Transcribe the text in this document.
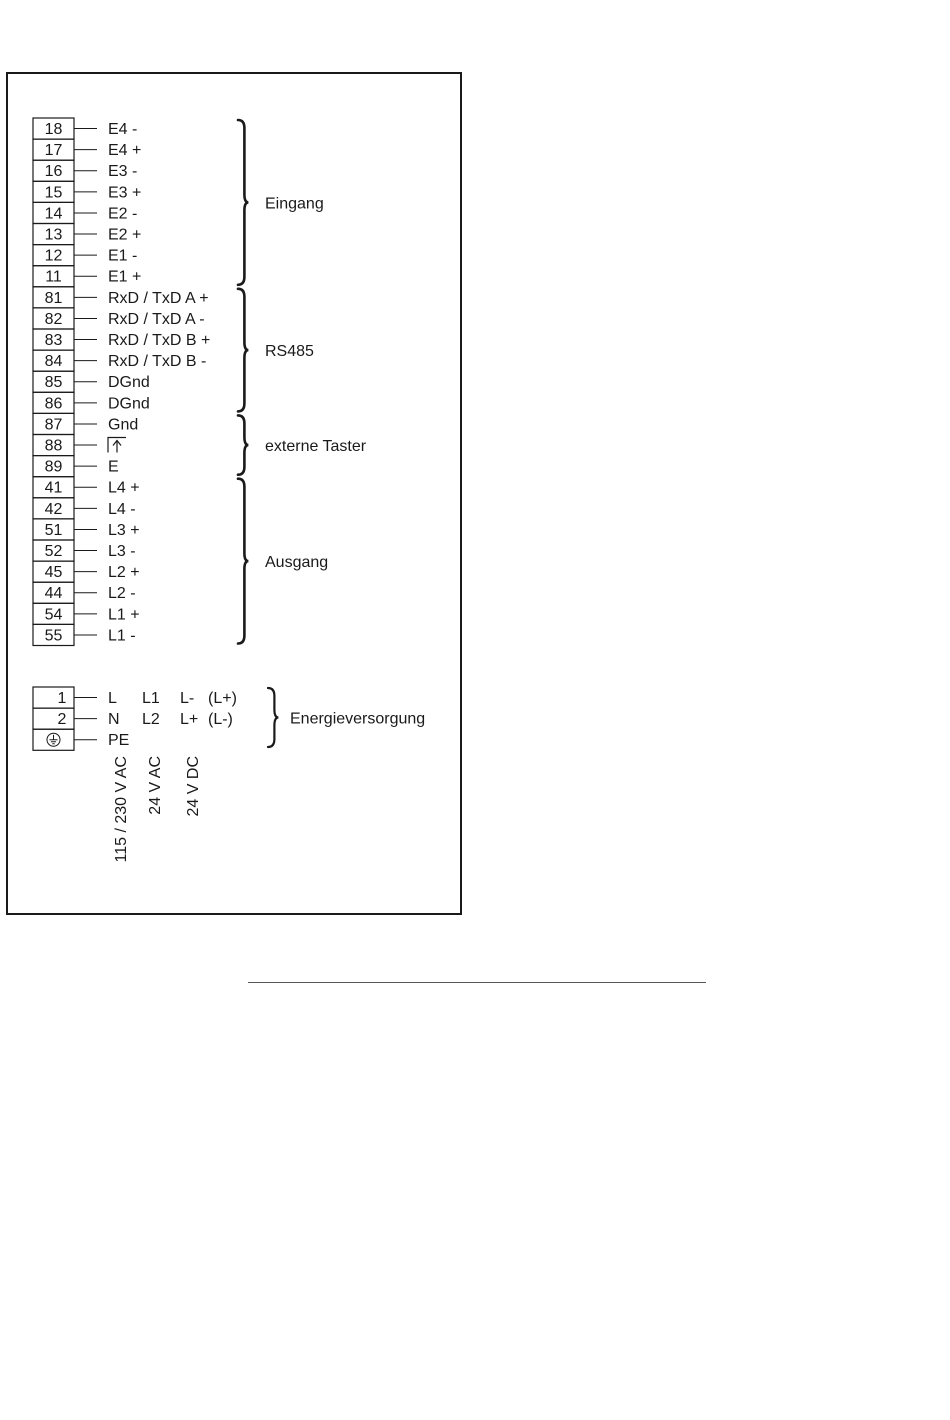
18	E4 -
17	E4 +
16	E3 -
15	E3 +
14	E2 -
13	E2 +
12	E1 -
11	E1 +
81	RxD / TxD A +
82	RxD / TxD A -
83	RxD / TxD B +
84	RxD / TxD B -
85	DGnd
86	DGnd
87	Gnd
88
89	E
41	L4 +
42	L4 -
51	L3 +
52	L3 -
45	L2 +
44	L2 -
54	L1 +
55	L1 -
Eingang
RS485
externe Taster
Ausgang
1	L L1 L- (L+)
2	N L2 L+ (L-)
PE
Energieversorgung
115 / 230 V AC 24 V AC 24 V DC
